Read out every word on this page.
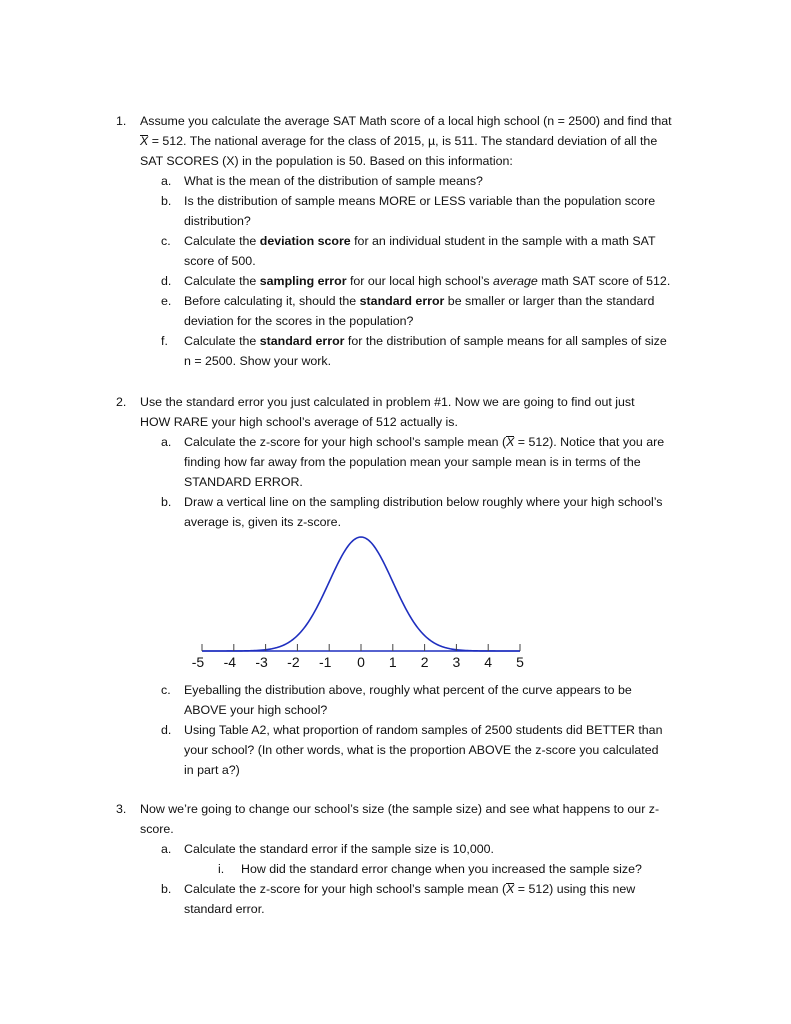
1. Assume you calculate the average SAT Math score of a local high school (n = 2500) and find that
X = 512. The national average for the class of 2015, µ, is 511. The standard deviation of all the
SAT SCORES (X) in the population is 50. Based on this information:
a. What is the mean of the distribution of sample means?
b. Is the distribution of sample means MORE or LESS variable than the population score
distribution?
c. Calculate the deviation score for an individual student in the sample with a math SAT
score of 500.
d. Calculate the sampling error for our local high school’s average math SAT score of 512.
e. Before calculating it, should the standard error be smaller or larger than the standard
deviation for the scores in the population?
f. Calculate the standard error for the distribution of sample means for all samples of size
n = 2500. Show your work.
2. Use the standard error you just calculated in problem #1. Now we are going to find out just
HOW RARE your high school’s average of 512 actually is.
a. Calculate the z-score for your high school’s sample mean (X = 512). Notice that you are
finding how far away from the population mean your sample mean is in terms of the
STANDARD ERROR.
b. Draw a vertical line on the sampling distribution below roughly where your high school’s
average is, given its z-score.
-5 -4 -3 -2 -1 0 1 2 3 4 5
c. Eyeballing the distribution above, roughly what percent of the curve appears to be
ABOVE your high school?
d. Using Table A2, what proportion of random samples of 2500 students did BETTER than
your school? (In other words, what is the proportion ABOVE the z-score you calculated
in part a?)
3. Now we’re going to change our school’s size (the sample size) and see what happens to our z-
score.
a. Calculate the standard error if the sample size is 10,000.
i. How did the standard error change when you increased the sample size?
b. Calculate the z-score for your high school’s sample mean (X = 512) using this new
standard error.
